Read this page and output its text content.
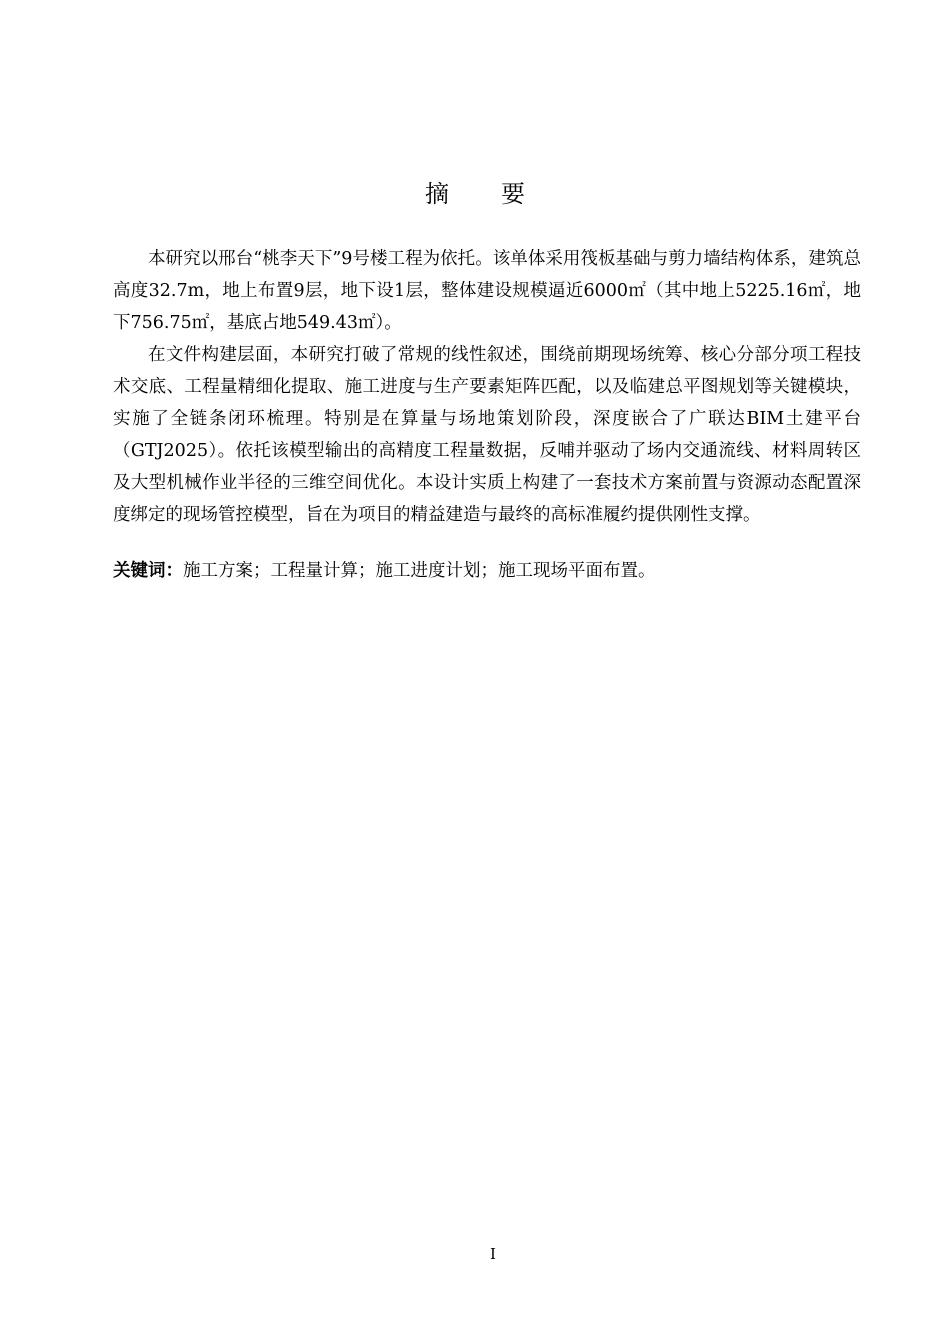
摘要

本研究以邢台“桃李天下”9号楼工程为依托。该单体采用筏板基础与剪力墙结构体系，建筑总高度32.7m，地上布置9层，地下设1层，整体建设规模逼近6000㎡（其中地上5225.16㎡，地下756.75㎡，基底占地549.43㎡）。

在文件构建层面，本研究打破了常规的线性叙述，围绕前期现场统筹、核心分部分项工程技术交底、工程量精细化提取、施工进度与生产要素矩阵匹配，以及临建总平图规划等关键模块，实施了全链条闭环梳理。特别是在算量与场地策划阶段，深度嵌合了广联达BIM土建平台（GTJ2025）。依托该模型输出的高精度工程量数据，反哺并驱动了场内交通流线、材料周转区及大型机械作业半径的三维空间优化。本设计实质上构建了一套技术方案前置与资源动态配置深度绑定的现场管控模型，旨在为项目的精益建造与最终的高标准履约提供刚性支撑。

关键词：施工方案；工程量计算；施工进度计划；施工现场平面布置。

I
